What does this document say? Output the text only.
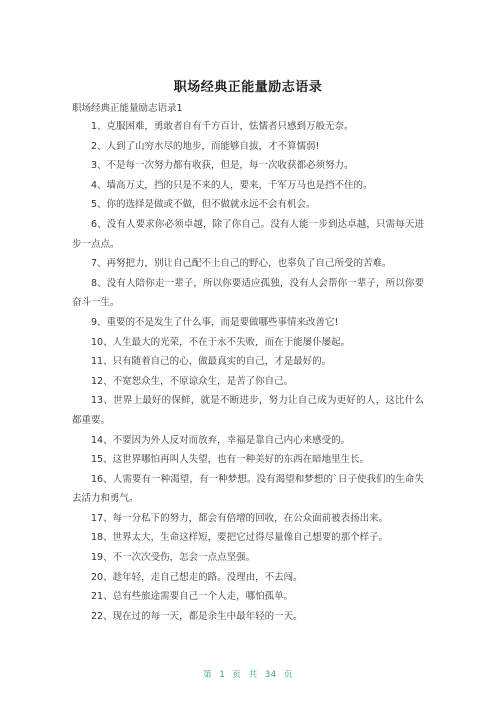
职场经典正能量励志语录
职场经典正能量励志语录1

1、克服困难，勇敢者自有千方百计，怯懦者只感到万般无奈。

2、人到了山穷水尽的地步，而能够自拔，才不算懦弱!

3、不是每一次努力都有收获，但是，每一次收获都必须努力。

4、墙高万丈，挡的只是不来的人，要来，千军万马也是挡不住的。

5、你的选择是做或不做，但不做就永远不会有机会。

6、没有人要求你必须卓越，除了你自己。没有人能一步到达卓越，只需每天进步一点点。

7、再努把力，别让自己配不上自己的野心，也辜负了自己所受的苦难。

8、没有人陪你走一辈子，所以你要适应孤独，没有人会帮你一辈子，所以你要奋斗一生。

9、重要的不是发生了什么事，而是要做哪些事情来改善它!

10、人生最大的光荣，不在于永不失败，而在于能屡仆屡起。

11、只有随着自己的心，做最真实的自己，才是最好的。

12、不宽恕众生，不原谅众生，是苦了你自己。

13、世界上最好的保鲜，就是不断进步，努力让自己成为更好的人，这比什么都重要。

14、不要因为外人反对而放弃，幸福是靠自己内心来感受的。

15、这世界哪怕再叫人失望，也有一种美好的东西在暗地里生长。

16、人需要有一种渴望，有一种梦想。没有渴望和梦想的`日子使我们的生命失去活力和勇气。

17、每一分私下的努力，都会有倍增的回收，在公众面前被表扬出来。

18、世界太大，生命这样短，要把它过得尽量像自己想要的那个样子。

19、不一次次受伤，怎会一点点坚强。

20、趁年轻，走自己想走的路。没理由，不去闯。

21、总有些旅途需要自己一个人走，哪怕孤单。

22、现在过的每一天，都是余生中最年轻的一天。

第 1 页 共 34 页
